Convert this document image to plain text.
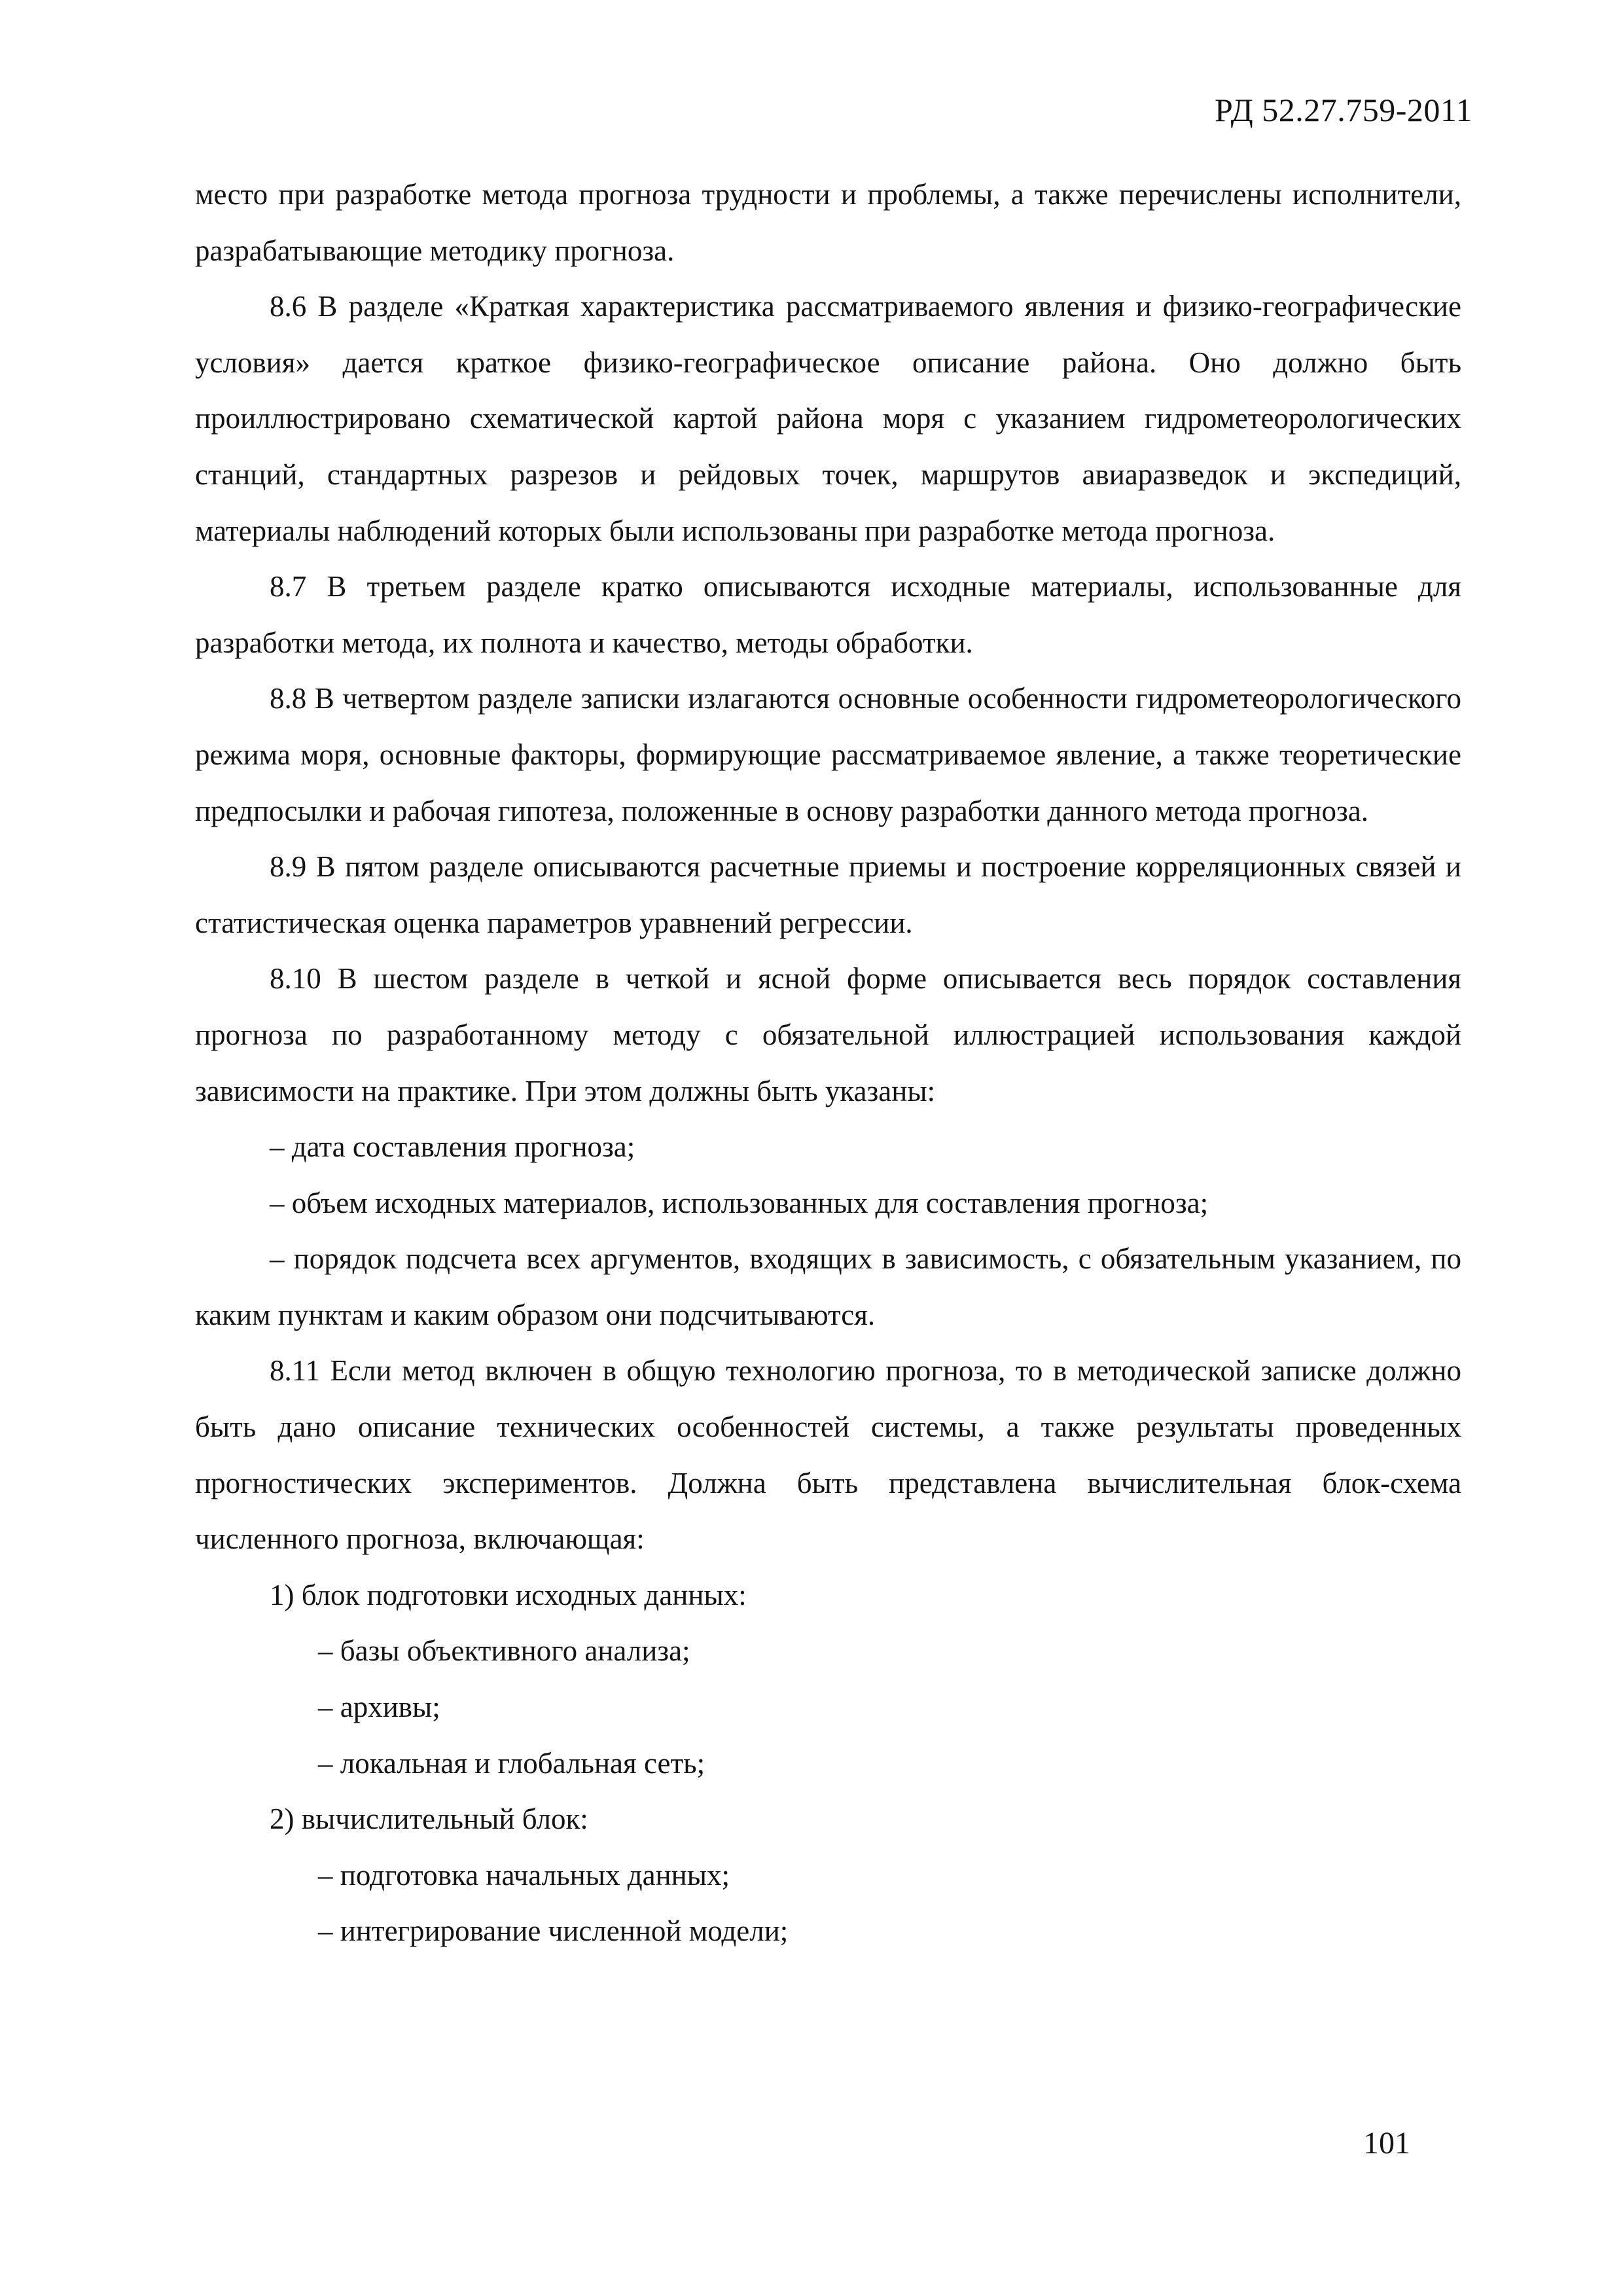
РД 52.27.759-2011

место при разработке метода прогноза трудности и проблемы, а также перечислены исполнители, разрабатывающие методику прогноза.

8.6 В разделе «Краткая характеристика рассматриваемого явления и физико-географические условия» дается краткое физико-географическое описание района. Оно должно быть проиллюстрировано схематической картой района моря с указанием гидрометеорологических станций, стандартных разрезов и рейдовых точек, маршрутов авиаразведок и экспедиций, материалы наблюдений которых были использованы при разработке метода прогноза.

8.7 В третьем разделе кратко описываются исходные материалы, использованные для разработки метода, их полнота и качество, методы обработки.

8.8 В четвертом разделе записки излагаются основные особенности гидрометеорологического режима моря, основные факторы, формирующие рассматриваемое явление, а также теоретические предпосылки и рабочая гипотеза, положенные в основу разработки данного метода прогноза.

8.9 В пятом разделе описываются расчетные приемы и построение корреляционных связей и статистическая оценка параметров уравнений регрессии.

8.10 В шестом разделе в четкой и ясной форме описывается весь порядок составления прогноза по разработанному методу с обязательной иллюстрацией использования каждой зависимости на практике. При этом должны быть указаны:

– дата составления прогноза;

– объем исходных материалов, использованных для составления прогноза;

– порядок подсчета всех аргументов, входящих в зависимость, с обязательным указанием, по каким пунктам и каким образом они подсчитываются.

8.11 Если метод включен в общую технологию прогноза, то в методической записке должно быть дано описание технических особенностей системы, а также результаты проведенных прогностических экспериментов. Должна быть представлена вычислительная блок-схема численного прогноза, включающая:

1) блок подготовки исходных данных:

– базы объективного анализа;

– архивы;

– локальная и глобальная сеть;

2) вычислительный блок:

– подготовка начальных данных;

– интегрирование численной модели;

101
